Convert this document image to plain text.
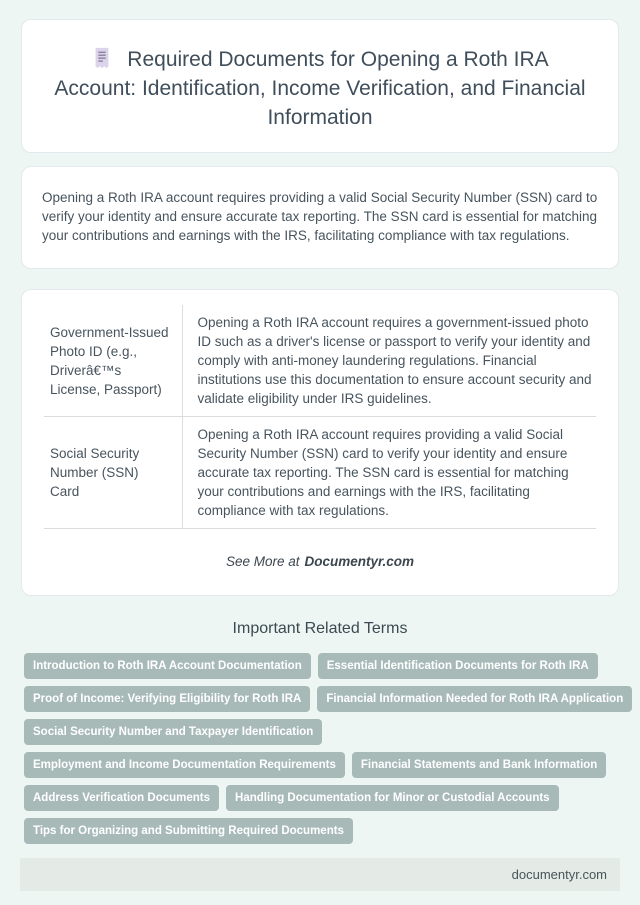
Required Documents for Opening a Roth IRA Account: Identification, Income Verification, and Financial Information

Opening a Roth IRA account requires providing a valid Social Security Number (SSN) card to verify your identity and ensure accurate tax reporting. The SSN card is essential for matching your contributions and earnings with the IRS, facilitating compliance with tax regulations.

Government-Issued Photo ID (e.g., Driverâ€™s License, Passport)	Opening a Roth IRA account requires a government-issued photo ID such as a driver's license or passport to verify your identity and comply with anti-money laundering regulations. Financial institutions use this documentation to ensure account security and validate eligibility under IRS guidelines.
Social Security Number (SSN) Card	Opening a Roth IRA account requires providing a valid Social Security Number (SSN) card to verify your identity and ensure accurate tax reporting. The SSN card is essential for matching your contributions and earnings with the IRS, facilitating compliance with tax regulations.
See More at Documentyr.com
Important Related Terms
Introduction to Roth IRA Account Documentation	Essential Identification Documents for Roth IRA
Proof of Income: Verifying Eligibility for Roth IRA	Financial Information Needed for Roth IRA Application
Social Security Number and Taxpayer Identification
Employment and Income Documentation Requirements	Financial Statements and Bank Information
Address Verification Documents	Handling Documentation for Minor or Custodial Accounts
Tips for Organizing and Submitting Required Documents
documentyr.com
